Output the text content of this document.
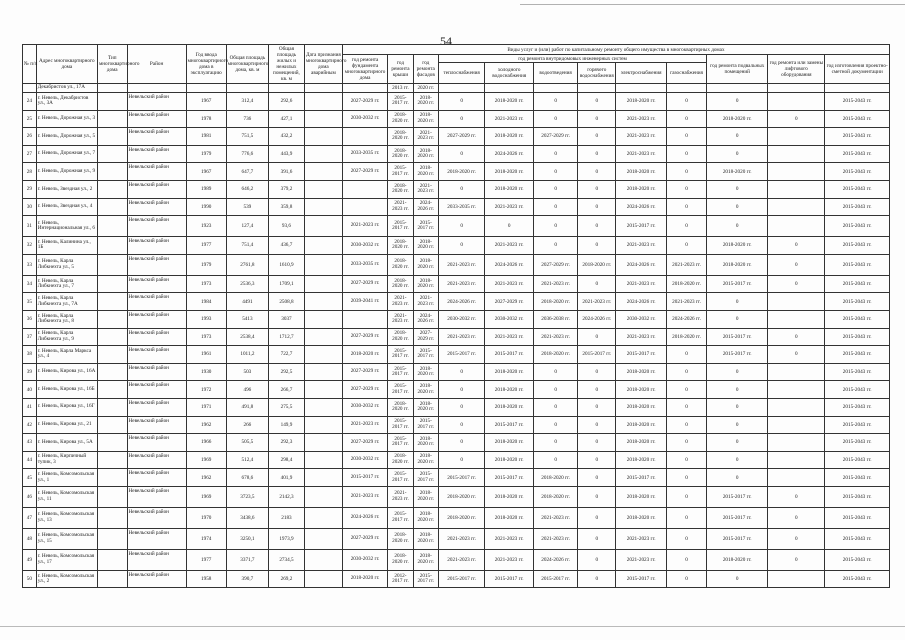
54
№ п/п	Адрес многоквартирного дома	Тип многоквартирного дома	Район	Год ввода многоквартирного дома в эксплуатацию	Общая площадь многоквартирного дома, кв. м	Общая площадь жилых и нежилых помещений, кв. м	Дата признания многоквартирного дома аварийным	Виды услуг и (или) работ по капитальному ремонту общего имущества в многоквартирных домах											
								год ремонта фундамента многоквартирного дома	год ремонта крыши	год ремонта фасадов	год ремонта внутридомовых инженерных систем						год ремонта подвальных помещений	год ремонта или замены лифтового оборудования	год изготовления проектно-сметной документации
											теплоснабжения	холодного водоснабжения	водоотведения	горячего водоснабжения	электроснабжения	газоснабжения			
	Декабристов ул., 17А								2013 гг.	2020 гг.									
24	г. Невель, Декабристов ул., 3А		Невельский район	1967	312,4	292,6		2027-2029 гг.	2015-2017 гг.	2018-2020 гг.	0	2018-2020 гг.	0	0	2018-2020 гг.	0	0		2015-2043 гг.
25	г. Невель, Дорожная ул., 3		Невельский район	1978	736	427,1		2030-2032 гг.	2018-2020 гг.	2018-2020 гг.	0	2021-2023 гг.	0	0	2021-2023 гг.	0	2018-2020 гг.	0	2015-2043 гг.
26	г. Невель, Дорожная ул., 5		Невельский район	1981	751,5	432,2			2018-2020 гг.	2021-2023 гг.	2027-2029 гг.	2018-2020 гг.	2027-2029 гг.	0	2021-2023 гг.	0	0		2015-2043 гг.
27	г. Невель, Дорожная ул., 7		Невельский район	1979	776,6	443,9		2033-2035 гг.	2018-2020 гг.	2018-2020 гг.	0	2024-2026 гг.	0	0	2021-2023 гг.	0	0		2015-2043 гг.
28	г. Невель, Дорожная ул., 9		Невельский район	1967	647,7	391,6		2027-2029 гг.	2015-2017 гг.	2018-2020 гг.	2018-2020 гг.	2018-2020 гг.	0	0	2018-2020 гг.	0	2018-2020 гг.		2015-2043 гг.
29	г. Невель, Звездная ул., 2		Невельский район	1989	646,2	379,2			2018-2020 гг.	2021-2023 гг.	0	2018-2020 гг.	0	0	2018-2020 гг.	0	0		2015-2043 гг.
30	г. Невель, Звездная ул., 4		Невельский район	1990	539	359,8			2021-2023 гг.	2024-2026 гг.	2033-2035 гг.	2021-2023 гг.	0	0	2024-2026 гг.	0	0		2015-2043 гг.
31	г. Невель, Интернациональная ул., 6		Невельский район	1923	127,4	93,6		2021-2023 гг.	2015-2017 гг.	2015-2017 гг.	0	0	0	0	2015-2017 гг.	0	0		2015-2043 гг.
32	г. Невель, Калинина ул., 1Б		Невельский район	1977	751,4	436,7		2030-2032 гг.	2018-2020 гг.	2018-2020 гг.	0	2021-2023 гг.	0	0	2021-2023 гг.	0	2018-2020 гг.	0	2015-2043 гг.
33	г. Невель, Карла Либкнехта ул., 5		Невельский район	1979	2761,8	1610,9		2033-2035 гг.	2018-2020 гг.	2018-2020 гг.	2021-2023 гг.	2024-2026 гг.	2027-2029 гг.	2018-2020 гг.	2024-2026 гг.	2021-2023 гг.	2018-2020 гг.	0	2015-2043 гг.
34	г. Невель, Карла Либкнехта ул., 7		Невельский район	1973	2536,3	1709,1		2027-2029 гг.	2018-2020 гг.	2018-2020 гг.	2021-2023 гг.	2021-2023 гг.	2021-2023 гг.	0	2021-2023 гг.	2018-2020 гг.	2015-2017 гг.	0	2015-2043 гг.
35	г. Невель, Карла Либкнехта ул., 7А		Невельский район	1984	4491	2508,8		2039-2041 гг.	2021-2023 гг.	2021-2023 гг.	2024-2026 гг.	2027-2029 гг.	2018-2020 гг.	2021-2023 гг.	2024-2026 гг.	2021-2023 гг.	0		2015-2043 гг.
36	г. Невель, Карла Либкнехта ул., 8		Невельский район	1993	5413	3037			2021-2023 гг.	2024-2026 гг.	2030-2032 гг.	2030-2032 гг.	2036-2038 гг.	2024-2026 гг.	2030-2032 гг.	2024-2026 гг.	0		2015-2043 гг.
37	г. Невель, Карла Либкнехта ул., 9		Невельский район	1973	2538,4	1712,7		2027-2029 гг.	2018-2020 гг.	2027-2029 гг.	2021-2023 гг.	2021-2023 гг.	2021-2023 гг.	0	2021-2023 гг.	2018-2020 гг.	2015-2017 гг.	0	2015-2043 гг.
38	г. Невель, Карла Маркса ул., 4		Невельский район	1961	1011,2	722,7		2018-2020 гг.	2015-2017 гг.	2015-2017 гг.	2015-2017 гг.	2015-2017 гг.	2018-2020 гг.	2015-2017 гг.	2015-2017 гг.	0	2015-2017 гг.	0	2015-2043 гг.
39	г. Невель, Кирова ул., 16А		Невельский район	1930	503	292,5		2027-2029 гг.	2015-2017 гг.	2018-2020 гг.	0	2018-2020 гг.	0	0	2018-2020 гг.	0	0		2015-2043 гг.
40	г. Невель, Кирова ул., 16Б		Невельский район	1972	496	266,7		2027-2029 гг.	2015-2017 гг.	2018-2020 гг.	0	2018-2020 гг.	0	0	2018-2020 гг.	0	0		2015-2043 гг.
41	г. Невель, Кирова ул., 16Г		Невельский район	1971	491,8	275,5		2030-2032 гг.	2018-2020 гг.	2018-2020 гг.	0	2018-2020 гг.	0	0	2018-2020 гг.	0	0		2015-2043 гг.
42	г. Невель, Кирова ул., 21		Невельский район	1962	266	149,9		2021-2023 гг.	2015-2017 гг.	2015-2017 гг.	0	2015-2017 гг.	0	0	2018-2020 гг.	0	0		2015-2043 гг.
43	г. Невель, Кирова ул., 5А		Невельский район	1966	505,5	292,3		2027-2029 гг.	2015-2017 гг.	2018-2020 гг.	0	2018-2020 гг.	0	0	2018-2020 гг.	0	0		2015-2043 гг.
44	г. Невель, Кирпичный тупик, 3		Невельский район	1969	512,4	298,4		2030-2032 гг.	2018-2020 гг.	2018-2020 гг.	0	2018-2020 гг.	0	0	2018-2020 гг.	0	0		2015-2043 гг.
45	г. Невель, Комсомольская ул., 1		Невельский район	1962	678,6	401,9		2015-2017 гг.	2015-2017 гг.	2015-2017 гг.	2015-2017 гг.	2015-2017 гг.	2018-2020 гг.	0	2015-2017 гг.	0	0		2015-2043 гг.
46	г. Невель, Комсомольская ул., 11		Невельский район	1969	3723,5	2142,3		2021-2023 гг.	2021-2023 гг.	2018-2020 гг.	2018-2020 гг.	2018-2020 гг.	2018-2020 гг.	0	2018-2020 гг.	0	2015-2017 гг.	0	2015-2043 гг.
47	г. Невель, Комсомольская ул., 13		Невельский район	1970	3438,6	2183		2024-2026 гг.	2015-2017 гг.	2018-2020 гг.	2018-2020 гг.	2018-2020 гг.	2021-2023 гг.	0	2018-2020 гг.	0	2015-2017 гг.	0	2015-2043 гг.
48	г. Невель, Комсомольская ул., 15		Невельский район	1974	3250,1	1973,9		2027-2029 гг.	2018-2020 гг.	2018-2020 гг.	2021-2023 гг.	2021-2023 гг.	2021-2023 гг.	0	2021-2023 гг.	0	2015-2017 гг.	0	2015-2043 гг.
49	г. Невель, Комсомольская ул., 17		Невельский район	1977	3371,7	2734,5		2030-2032 гг.	2018-2020 гг.	2018-2020 гг.	2021-2023 гг.	2021-2023 гг.	2024-2026 гг.	0	2021-2023 гг.	0	2018-2020 гг.	0	2015-2043 гг.
50	г. Невель, Комсомольская ул., 2		Невельский район	1958	390,7	269,2		2018-2020 гг.	2012-2017 гг.	2015-2017 гг.	2015-2017 гг.	2015-2017 гг.	2015-2017 гг.	0	2015-2017 гг.	0	0		2015-2043 гг.
